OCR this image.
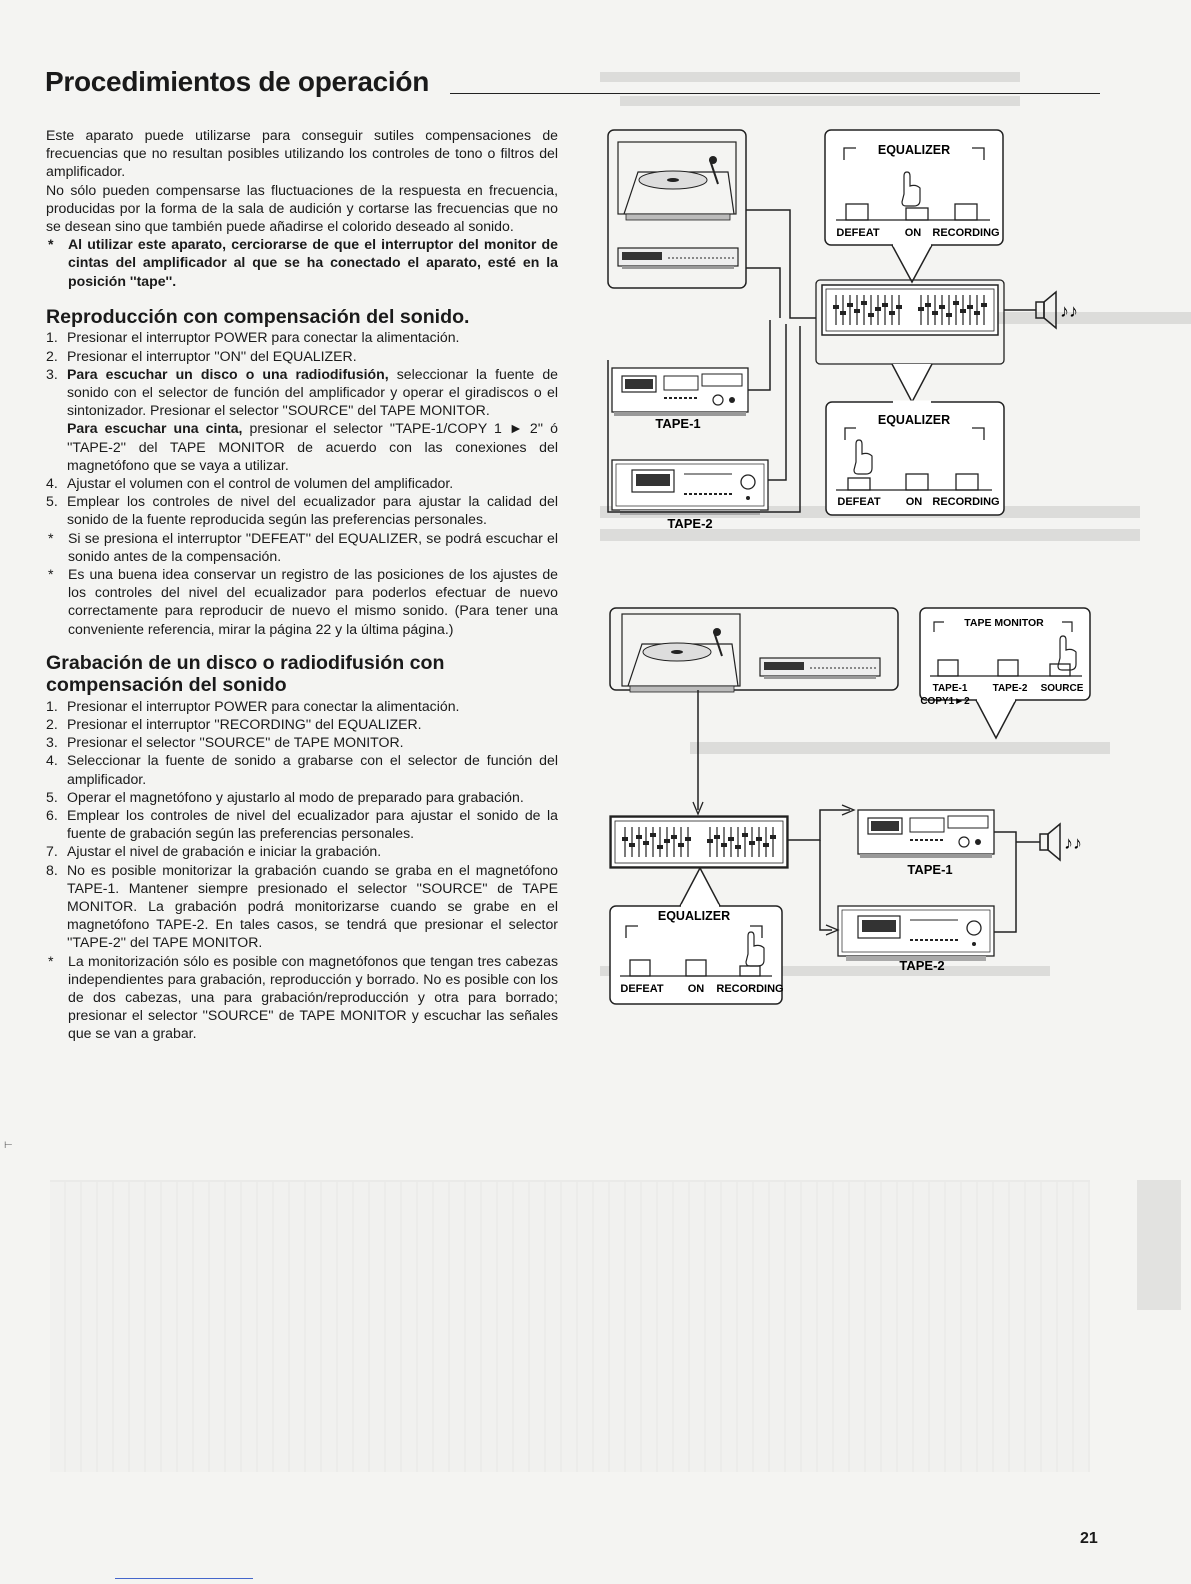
Procedimientos de operación

Este aparato puede utilizarse para conseguir sutiles compensaciones de frecuencias que no resultan posibles utilizando los controles de tono o filtros del amplificador.

No sólo pueden compensarse las fluctuaciones de la respuesta en frecuencia, producidas por la forma de la sala de audición y cortarse las frecuencias que no se desean sino que también puede añadirse el colorido deseado al sonido.

* Al utilizar este aparato, cerciorarse de que el interruptor del monitor de cintas del amplificador al que se ha conectado el aparato, esté en la posición ''tape''.
Reproducción con compensación del sonido.
1. Presionar el interruptor POWER para conectar la alimentación.
2. Presionar el interruptor ''ON'' del EQUALIZER.
3. Para escuchar un disco o una radiodifusión, seleccionar la fuente de sonido con el selector de función del amplificador y operar el giradiscos o el sintonizador. Presionar el selector ''SOURCE'' del TAPE MONITOR.
Para escuchar una cinta, presionar el selector ''TAPE-1/COPY 1 ► 2'' ó ''TAPE-2'' del TAPE MONITOR de acuerdo con las conexiones del magnetófono que se vaya a utilizar.
4. Ajustar el volumen con el control de volumen del amplificador.
5. Emplear los controles de nivel del ecualizador para ajustar la calidad del sonido de la fuente reproducida según las preferencias personales.
* Si se presiona el interruptor ''DEFEAT'' del EQUALIZER, se podrá escuchar el sonido antes de la compensación.
* Es una buena idea conservar un registro de las posiciones de los ajustes de los controles del nivel del ecualizador para poderlos efectuar de nuevo correctamente para reproducir de nuevo el mismo sonido. (Para tener una conveniente referencia, mirar la página 22 y la última página.)
Grabación de un disco o radiodifusión con
compensación del sonido
1. Presionar el interruptor POWER para conectar la alimentación.
2. Presionar el interruptor ''RECORDING'' del EQUALIZER.
3. Presionar el selector ''SOURCE'' de TAPE MONITOR.
4. Seleccionar la fuente de sonido a grabarse con el selector de función del amplificador.
5. Operar el magnetófono y ajustarlo al modo de preparado para grabación.
6. Emplear los controles de nivel del ecualizador para ajustar el sonido de la fuente de grabación según las preferencias personales.
7. Ajustar el nivel de grabación e iniciar la grabación.
8. No es posible monitorizar la grabación cuando se graba en el magnetófono TAPE-1. Mantener siempre presionado el selector ''SOURCE'' de TAPE MONITOR. La grabación podrá monitorizarse cuando se grabe en el magnetófono TAPE-2. En tales casos, se tendrá que presionar el selector ''TAPE-2'' del TAPE MONITOR.
* La monitorización sólo es posible con magnetófonos que tengan tres cabezas independientes para grabación, reproducción y borrado. No es posible con los de dos cabezas, una para grabación/reproducción y otra para borrado; presionar el selector ''SOURCE'' de TAPE MONITOR y escuchar las señales que se van a grabar.
EQUALIZER
DEFEAT ON RECORDING
♪♪
TAPE-1
TAPE-2
EQUALIZER
DEFEAT ON RECORDING
TAPE MONITOR
TAPE-1
COPY1►2
TAPE-2 SOURCE
EQUALIZER
DEFEAT ON RECORDING
TAPE-1
TAPE-2
♪♪
21
⊢
